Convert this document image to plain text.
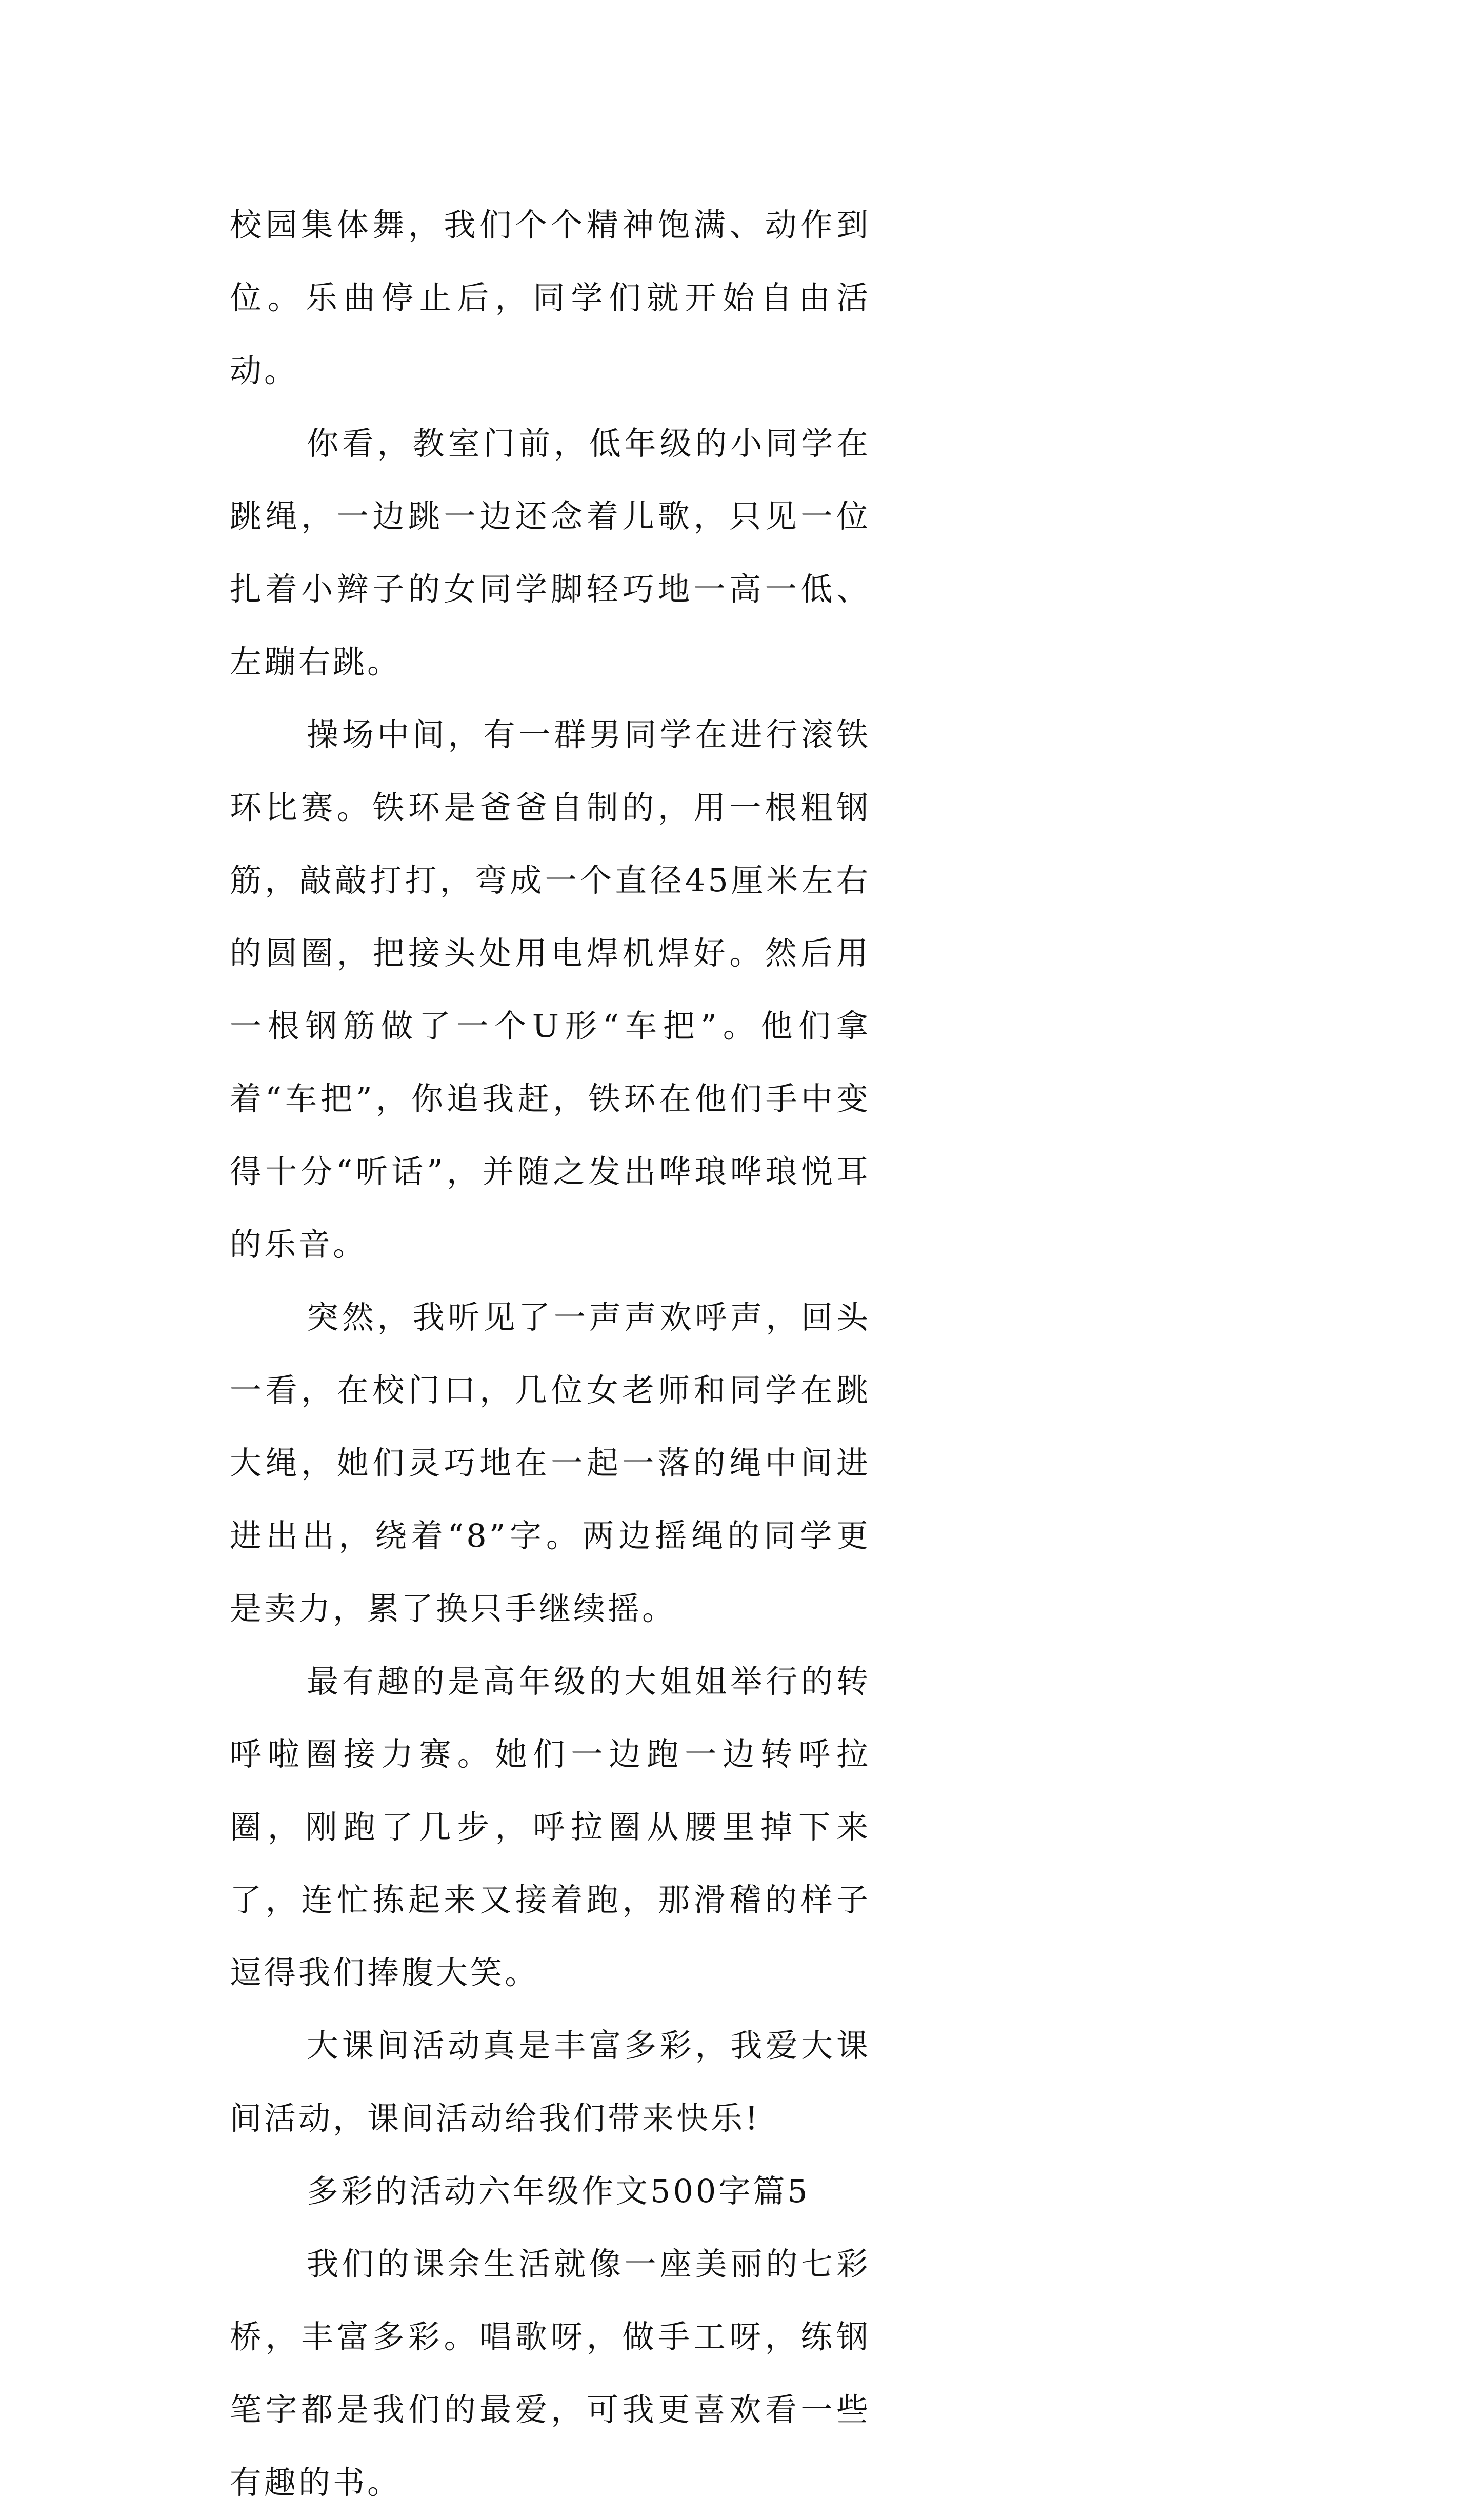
校园集体舞，我们个个精神饱满、动作到位。乐曲停止后，同学们就开始自由活动。

你看，教室门前，低年级的小同学在跳绳，一边跳一边还念着儿歌，只见一位扎着小辫子的女同学脚轻巧地一高一低、左蹦右跳。

操场中间，有一群男同学在进行滚铁环比赛。铁环是爸爸自制的，用一根粗钢筋，敲敲打打，弯成一个直径45厘米左右的圆圈，把接头处用电焊机焊好。然后用一根钢筋做了一个U形“车把”。他们拿着“车把”，你追我赶，铁环在他们手中变得十分“听话”，并随之发出哗琅哗琅悦耳的乐音。

突然，我听见了一声声欢呼声，回头一看，在校门口，几位女老师和同学在跳大绳，她们灵巧地在一起一落的绳中间进进出出，绕着“8”字。两边摇绳的同学更是卖力，累了换只手继续摇。

最有趣的是高年级的大姐姐举行的转呼啦圈接力赛。她们一边跑一边转呼拉圈，刚跑了几步，呼拉圈从腰里掉下来了，连忙拣起来又接着跑，那滑稽的样子逗得我们捧腹大笑。

大课间活动真是丰富多彩，我爱大课间活动，课间活动给我们带来快乐!

多彩的活动六年级作文500字篇5

我们的课余生活就像一座美丽的七彩桥，丰富多彩。唱歌呀，做手工呀，练钢笔字都是我们的最爱，可我更喜欢看一些有趣的书。
